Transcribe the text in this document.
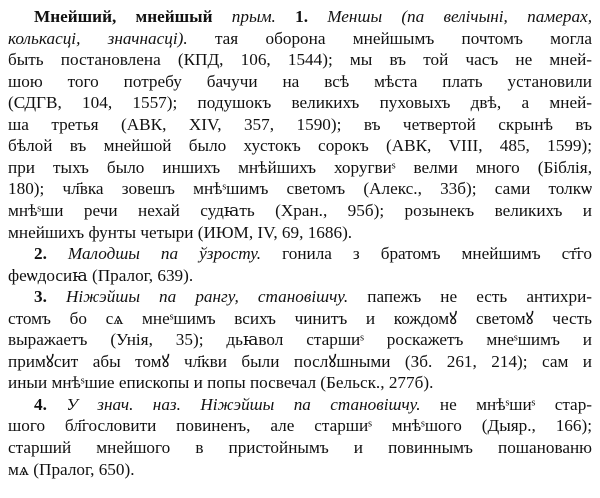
Мнейший, мнейшый прым. 1. Меншы (па велічыні, памерах,
колькасці, значнасці). тая оборона мнейшымъ почтомъ могла
быть постановлена (КПД, 106, 1544); мы въ той часъ не мней-
шою того потребу бачучи на всѣ мѣста плать установили
(СДГВ, 104, 1557); подушокъ великихъ пуховыхъ двѣ, а мней-
ша третья (АВК, XIV, 357, 1590); въ четвертой скрынѣ въ
бѣлой въ мнейшой было хустокъ сорокъ (АВК, VIII, 485, 1599);
при тыхъ было иншихъ мнѣйшихъ хоругвиˢ велми много (Біблія,
180); чл҃вка зовешъ мнѣˢшимъ светомъ (Алекс., 33б); сами толкѡ
мнѣˢши речи нехай судꙗть (Хран., 95б); розынекъ великихъ и
мнейшихъ фунты четыри (ИЮМ, IV, 69, 1686).
2. Малодшы па ўзросту. гонила з братомъ мнейшимъ ст҃го
феѡдосиꙗ (Пралог, 639).
3. Ніжэйшы па рангу, становішчу. папежъ не есть антихри-
стомъ бо сѧ мнеˢшимъ всихъ чинитъ и кождомꙋ светомꙋ честь
выражаетъ (Унія, 35); дьꙗвол старшиˢ роскажетъ мнеˢшимъ и
примꙋсит абы томꙋ чл҃кви были послꙋшными (Зб. 261, 214); сам и
иныи мнѣˢшие епископы и попы посвечал (Бельск., 277б).
4. У знач. наз. Ніжэйшы па становішчу. не мнѣˢшиˢ стар-
шого бл҃гословити повиненъ, але старшиˢ мнѣˢшого (Дыяр., 166);
старший мнейшого в пристойнымъ и повиннымъ пошанованю
мѧ (Пралог, 650).
